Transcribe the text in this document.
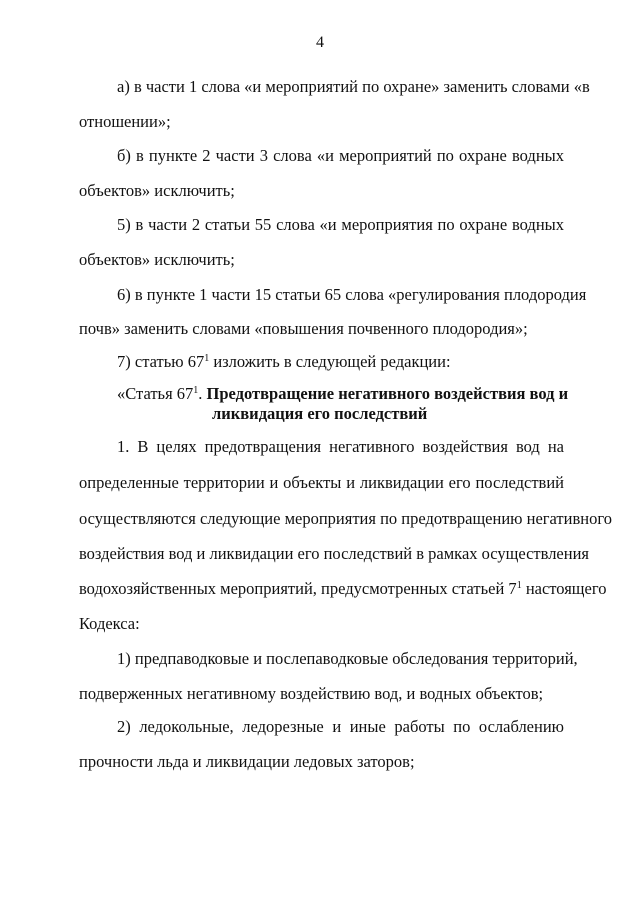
4
а) в части 1 слова «и мероприятий по охране» заменить словами «в
отношении»;
б) в пункте 2 части 3 слова «и мероприятий по охране водных
объектов» исключить;
5) в части 2 статьи 55 слова «и мероприятия по охране водных
объектов» исключить;
6) в пункте 1 части 15 статьи 65 слова «регулирования плодородия
почв» заменить словами «повышения почвенного плодородия»;
7) статью $67^1$ изложить в следующей редакции:
«Статья $67^1$. Предотвращение негативного воздействия вод и
ликвидация его последствий
1. В целях предотвращения негативного воздействия вод на
определенные территории и объекты и ликвидации его последствий
осуществляются следующие мероприятия по предотвращению негативного
воздействия вод и ликвидации его последствий в рамках осуществления
водохозяйственных мероприятий, предусмотренных статьей $7^1$ настоящего
Кодекса:
1) предпаводковые и послепаводковые обследования территорий,
подверженных негативному воздействию вод, и водных объектов;
2) ледокольные, ледорезные и иные работы по ослаблению
прочности льда и ликвидации ледовых заторов;
